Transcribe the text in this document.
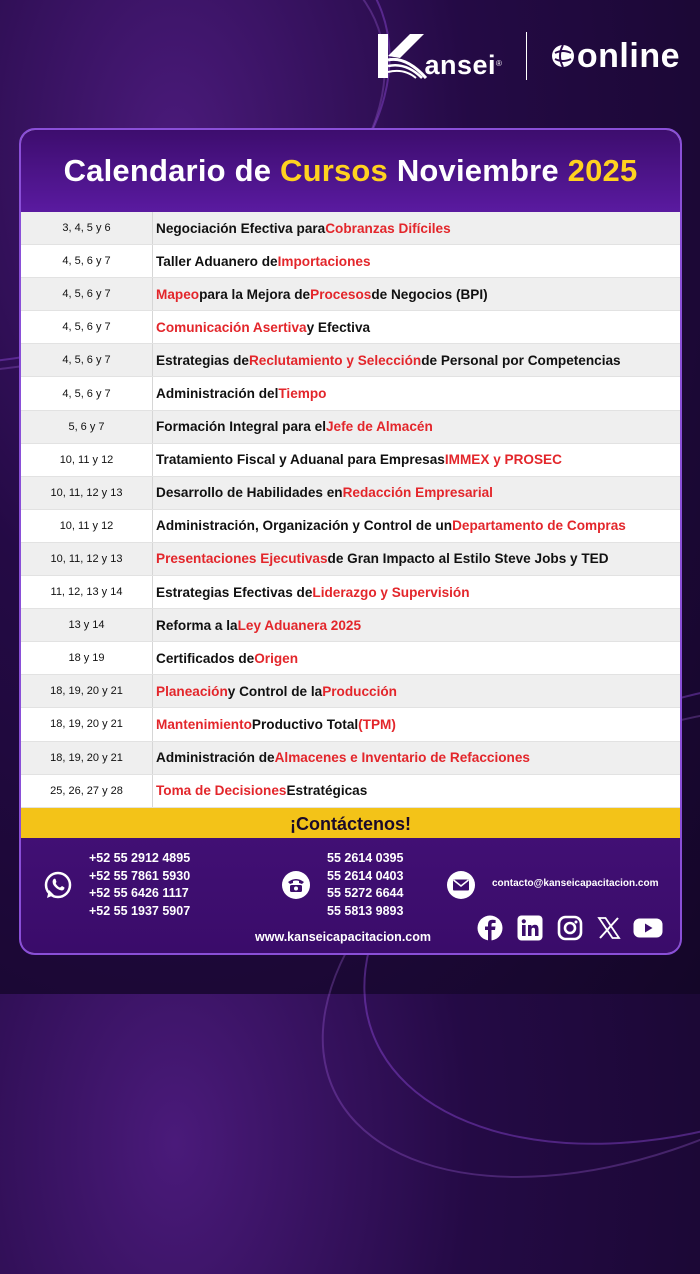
ansei ® online
Calendario de Cursos Noviembre 2025
3, 4, 5 y 6	Negociación Efectiva para Cobranzas Difíciles
4, 5, 6 y 7	Taller Aduanero de Importaciones
4, 5, 6 y 7	Mapeo para la Mejora de Procesos de Negocios (BPI)
4, 5, 6 y 7	Comunicación Asertiva y Efectiva
4, 5, 6 y 7	Estrategias de Reclutamiento y Selección de Personal por Competencias
4, 5, 6 y 7	Administración del Tiempo
5, 6 y 7	Formación Integral para el Jefe de Almacén
10, 11 y 12	Tratamiento Fiscal y Aduanal para Empresas IMMEX y PROSEC
10, 11, 12 y 13	Desarrollo de Habilidades en Redacción Empresarial
10, 11 y 12	Administración, Organización y Control de un Departamento de Compras
10, 11, 12 y 13	Presentaciones Ejecutivas de Gran Impacto al Estilo Steve Jobs y TED
11, 12, 13 y 14	Estrategias Efectivas de Liderazgo y Supervisión
13 y 14	Reforma a la Ley Aduanera 2025
18 y 19	Certificados de Origen
18, 19, 20 y 21	Planeación y Control de la Producción
18, 19, 20 y 21	Mantenimiento Productivo Total (TPM)
18, 19, 20 y 21	Administración de Almacenes e Inventario de Refacciones
25, 26, 27 y 28	Toma de Decisiones Estratégicas
¡Contáctenos!
+52 55 2912 4895
+52 55 7861 5930
+52 55 6426 1117
+52 55 1937 5907
55 2614 0395
55 2614 0403
55 5272 6644
55 5813 9893
contacto@kanseicapacitacion.com
www.kanseicapacitacion.com
